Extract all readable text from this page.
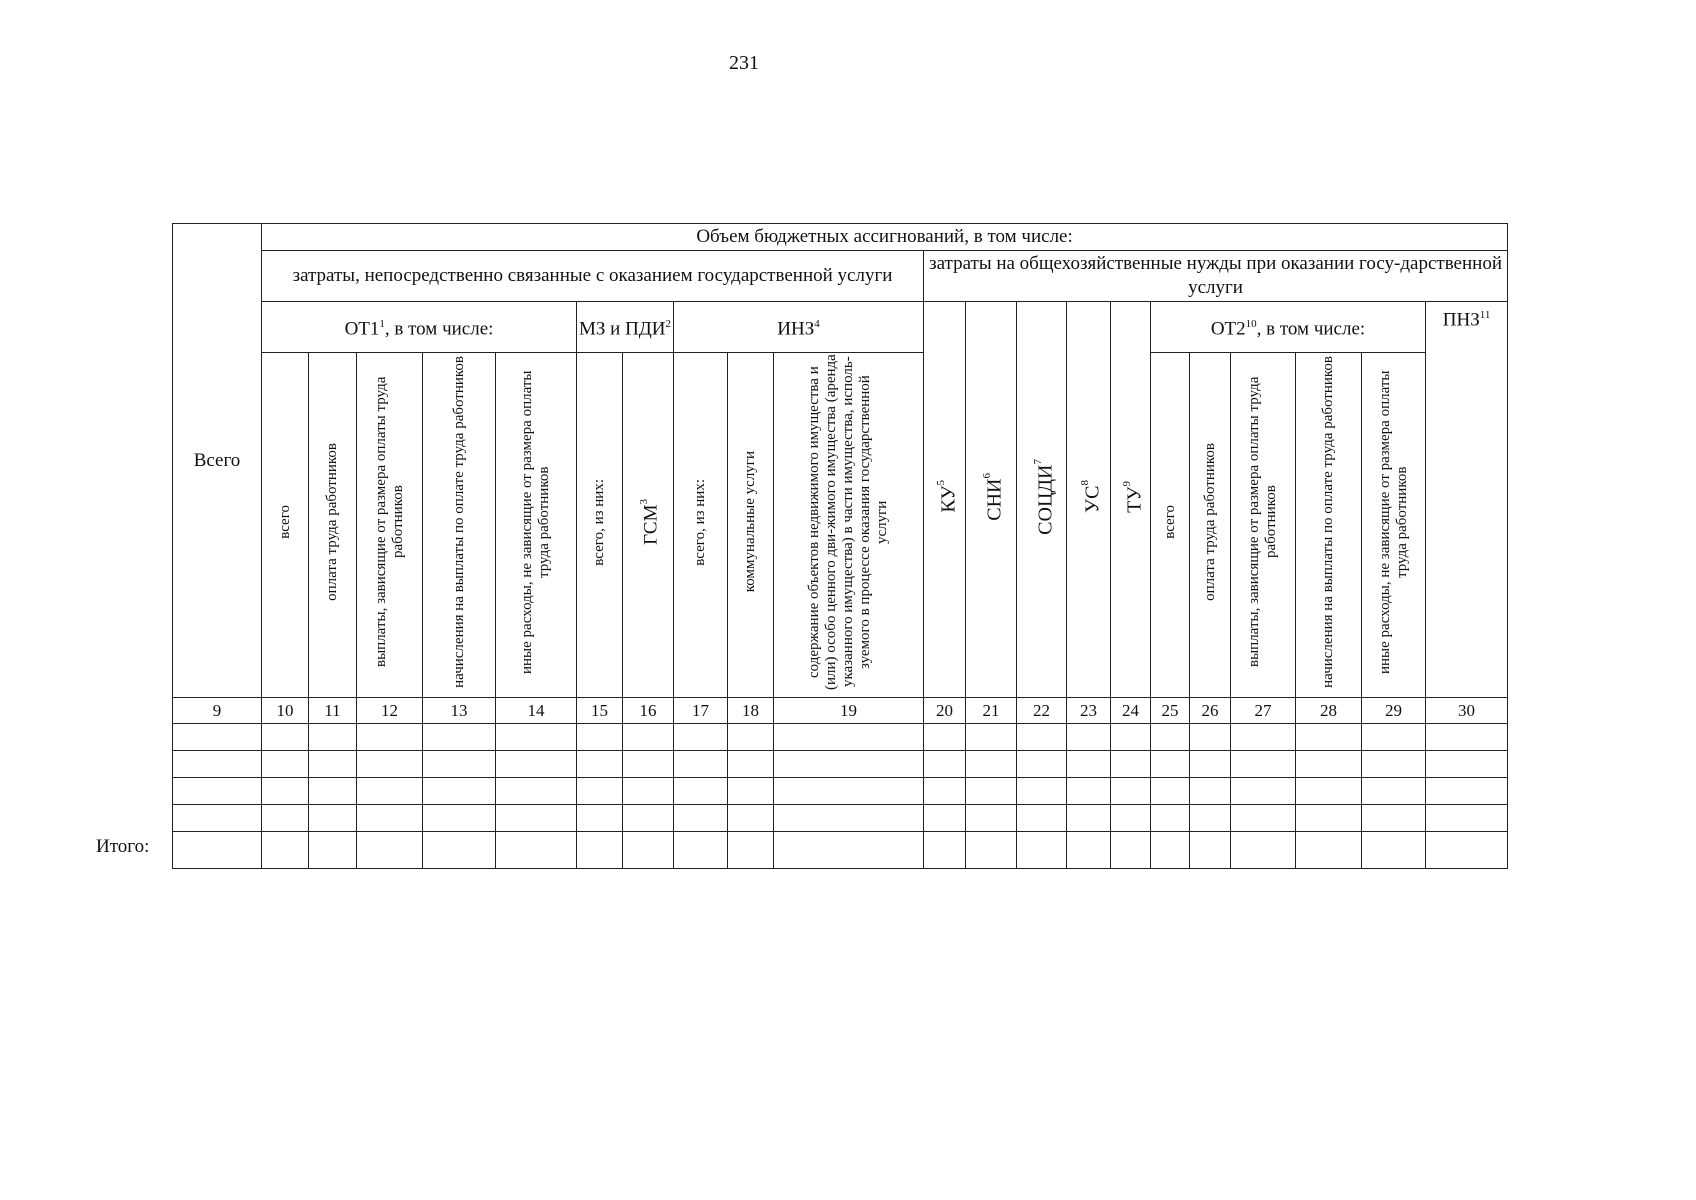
231
Всего	Объем бюджетных ассигнований, в том числе:																				
	затраты, непосредственно связанные с оказанием государственной услуги										затраты на общехозяйственные нужды при оказании госу-дарственной услуги										
	$ОТ1^1$, в том числе:					МЗ и ПДИ$^2$		ИНЗ$^4$			$КУ^5$	СНИ$^6$	СОЦДИ$^7$	$УС^8$	$ТУ^9$	$ОТ2^{10}$, в том числе:					ПНЗ$^{11}$
	всего	оплата труда работников	выплаты, зависящие от размера оплаты труда работников	начисления на выплаты по оплате труда работников	иные расходы, не зависящие от размера оплаты труда работников	всего, из них:	ГСМ$^3$	всего, из них:	коммунальные услуги	содержание объектов недвижимого имущества и (или) особо ценного дви-жимого имущества (аренда указанного имущества) в части имущества, исполь-зуемого в процессе оказания государственной услуги						всего	оплата труда работников	выплаты, зависящие от размера оплаты труда работников	начисления на выплаты по оплате труда работников	иные расходы, не зависящие от размера оплаты труда работников	
9	10	11	12	13	14	15	16	17	18	19	20	21	22	23	24	25	26	27	28	29	30

Итого:
